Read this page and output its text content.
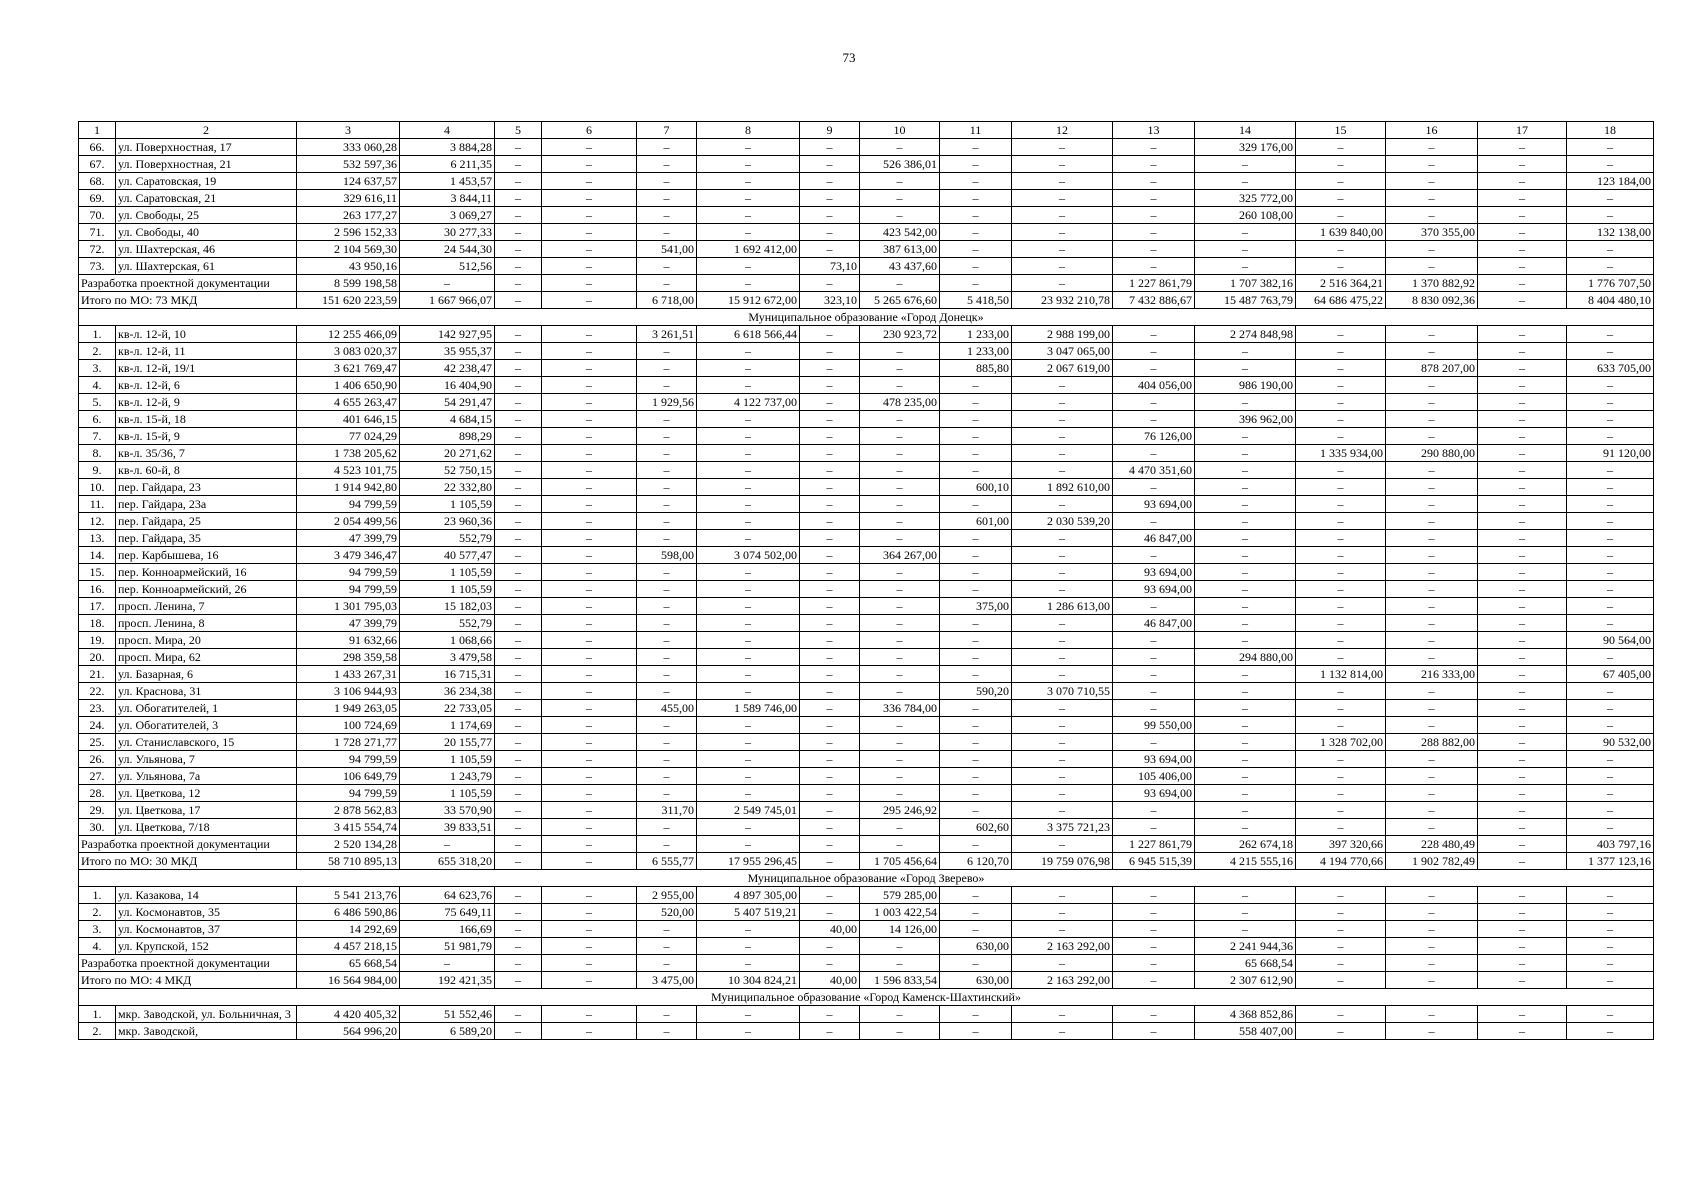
73
1	2	3	4	5	6	7	8	9	10	11	12	13	14	15	16	17	18
66.	ул. Поверхностная, 17	333 060,28	3 884,28	–	–	–	–	–	–	–	–	–	329 176,00	–	–	–	–
67.	ул. Поверхностная, 21	532 597,36	6 211,35	–	–	–	–	–	526 386,01	–	–	–	–	–	–	–	–
68.	ул. Саратовская, 19	124 637,57	1 453,57	–	–	–	–	–	–	–	–	–	–	–	–	–	123 184,00
69.	ул. Саратовская, 21	329 616,11	3 844,11	–	–	–	–	–	–	–	–	–	325 772,00	–	–	–	–
70.	ул. Свободы, 25	263 177,27	3 069,27	–	–	–	–	–	–	–	–	–	260 108,00	–	–	–	–
71.	ул. Свободы, 40	2 596 152,33	30 277,33	–	–	–	–	–	423 542,00	–	–	–	–	1 639 840,00	370 355,00	–	132 138,00
72.	ул. Шахтерская, 46	2 104 569,30	24 544,30	–	–	541,00	1 692 412,00	–	387 613,00	–	–	–	–	–	–	–	–
73.	ул. Шахтерская, 61	43 950,16	512,56	–	–	–	–	73,10	43 437,60	–	–	–	–	–	–	–	–
Разработка проектной документации		8 599 198,58	–	–	–	–	–	–	–	–	–	1 227 861,79	1 707 382,16	2 516 364,21	1 370 882,92	–	1 776 707,50
Итого по МО: 73 МКД		151 620 223,59	1 667 966,07	–	–	6 718,00	15 912 672,00	323,10	5 265 676,60	5 418,50	23 932 210,78	7 432 886,67	15 487 763,79	64 686 475,22	8 830 092,36	–	8 404 480,10
Муниципальное образование «Город Донецк»																	
1.	кв-л. 12-й, 10	12 255 466,09	142 927,95	–	–	3 261,51	6 618 566,44	–	230 923,72	1 233,00	2 988 199,00	–	2 274 848,98	–	–	–	–
2.	кв-л. 12-й, 11	3 083 020,37	35 955,37	–	–	–	–	–	–	1 233,00	3 047 065,00	–	–	–	–	–	–
3.	кв-л. 12-й, 19/1	3 621 769,47	42 238,47	–	–	–	–	–	–	885,80	2 067 619,00	–	–	–	878 207,00	–	633 705,00
4.	кв-л. 12-й, 6	1 406 650,90	16 404,90	–	–	–	–	–	–	–	–	404 056,00	986 190,00	–	–	–	–
5.	кв-л. 12-й, 9	4 655 263,47	54 291,47	–	–	1 929,56	4 122 737,00	–	478 235,00	–	–	–	–	–	–	–	–
6.	кв-л. 15-й, 18	401 646,15	4 684,15	–	–	–	–	–	–	–	–	–	396 962,00	–	–	–	–
7.	кв-л. 15-й, 9	77 024,29	898,29	–	–	–	–	–	–	–	–	76 126,00	–	–	–	–	–
8.	кв-л. 35/36, 7	1 738 205,62	20 271,62	–	–	–	–	–	–	–	–	–	–	1 335 934,00	290 880,00	–	91 120,00
9.	кв-л. 60-й, 8	4 523 101,75	52 750,15	–	–	–	–	–	–	–	–	4 470 351,60	–	–	–	–	–
10.	пер. Гайдара, 23	1 914 942,80	22 332,80	–	–	–	–	–	–	600,10	1 892 610,00	–	–	–	–	–	–
11.	пер. Гайдара, 23а	94 799,59	1 105,59	–	–	–	–	–	–	–	–	93 694,00	–	–	–	–	–
12.	пер. Гайдара, 25	2 054 499,56	23 960,36	–	–	–	–	–	–	601,00	2 030 539,20	–	–	–	–	–	–
13.	пер. Гайдара, 35	47 399,79	552,79	–	–	–	–	–	–	–	–	46 847,00	–	–	–	–	–
14.	пер. Карбышева, 16	3 479 346,47	40 577,47	–	–	598,00	3 074 502,00	–	364 267,00	–	–	–	–	–	–	–	–
15.	пер. Конноармейский, 16	94 799,59	1 105,59	–	–	–	–	–	–	–	–	93 694,00	–	–	–	–	–
16.	пер. Конноармейский, 26	94 799,59	1 105,59	–	–	–	–	–	–	–	–	93 694,00	–	–	–	–	–
17.	просп. Ленина, 7	1 301 795,03	15 182,03	–	–	–	–	–	–	375,00	1 286 613,00	–	–	–	–	–	–
18.	просп. Ленина, 8	47 399,79	552,79	–	–	–	–	–	–	–	–	46 847,00	–	–	–	–	–
19.	просп. Мира, 20	91 632,66	1 068,66	–	–	–	–	–	–	–	–	–	–	–	–	–	90 564,00
20.	просп. Мира, 62	298 359,58	3 479,58	–	–	–	–	–	–	–	–	–	294 880,00	–	–	–	–
21.	ул. Базарная, 6	1 433 267,31	16 715,31	–	–	–	–	–	–	–	–	–	–	1 132 814,00	216 333,00	–	67 405,00
22.	ул. Краснова, 31	3 106 944,93	36 234,38	–	–	–	–	–	–	590,20	3 070 710,55	–	–	–	–	–	–
23.	ул. Обогатителей, 1	1 949 263,05	22 733,05	–	–	455,00	1 589 746,00	–	336 784,00	–	–	–	–	–	–	–	–
24.	ул. Обогатителей, 3	100 724,69	1 174,69	–	–	–	–	–	–	–	–	99 550,00	–	–	–	–	–
25.	ул. Станиславского, 15	1 728 271,77	20 155,77	–	–	–	–	–	–	–	–	–	–	1 328 702,00	288 882,00	–	90 532,00
26.	ул. Ульянова, 7	94 799,59	1 105,59	–	–	–	–	–	–	–	–	93 694,00	–	–	–	–	–
27.	ул. Ульянова, 7а	106 649,79	1 243,79	–	–	–	–	–	–	–	–	105 406,00	–	–	–	–	–
28.	ул. Цветкова, 12	94 799,59	1 105,59	–	–	–	–	–	–	–	–	93 694,00	–	–	–	–	–
29.	ул. Цветкова, 17	2 878 562,83	33 570,90	–	–	311,70	2 549 745,01	–	295 246,92	–	–	–	–	–	–	–	–
30.	ул. Цветкова, 7/18	3 415 554,74	39 833,51	–	–	–	–	–	–	602,60	3 375 721,23	–	–	–	–	–	–
Разработка проектной документации		2 520 134,28	–	–	–	–	–	–	–	–	–	1 227 861,79	262 674,18	397 320,66	228 480,49	–	403 797,16
Итого по МО: 30 МКД		58 710 895,13	655 318,20	–	–	6 555,77	17 955 296,45	–	1 705 456,64	6 120,70	19 759 076,98	6 945 515,39	4 215 555,16	4 194 770,66	1 902 782,49	–	1 377 123,16
Муниципальное образование «Город Зверево»																	
1.	ул. Казакова, 14	5 541 213,76	64 623,76	–	–	2 955,00	4 897 305,00	–	579 285,00	–	–	–	–	–	–	–	–
2.	ул. Космонавтов, 35	6 486 590,86	75 649,11	–	–	520,00	5 407 519,21	–	1 003 422,54	–	–	–	–	–	–	–	–
3.	ул. Космонавтов, 37	14 292,69	166,69	–	–	–	–	40,00	14 126,00	–	–	–	–	–	–	–	–
4.	ул. Крупской, 152	4 457 218,15	51 981,79	–	–	–	–	–	–	630,00	2 163 292,00	–	2 241 944,36	–	–	–	–
Разработка проектной документации		65 668,54	–	–	–	–	–	–	–	–	–	–	65 668,54	–	–	–	–
Итого по МО: 4 МКД		16 564 984,00	192 421,35	–	–	3 475,00	10 304 824,21	40,00	1 596 833,54	630,00	2 163 292,00	–	2 307 612,90	–	–	–	–
Муниципальное образование «Город Каменск-Шахтинский»																	
1.	мкр. Заводской, ул. Больничная, 3	4 420 405,32	51 552,46	–	–	–	–	–	–	–	–	–	4 368 852,86	–	–	–	–
2.	мкр. Заводской,	564 996,20	6 589,20	–	–	–	–	–	–	–	–	–	558 407,00	–	–	–	–
